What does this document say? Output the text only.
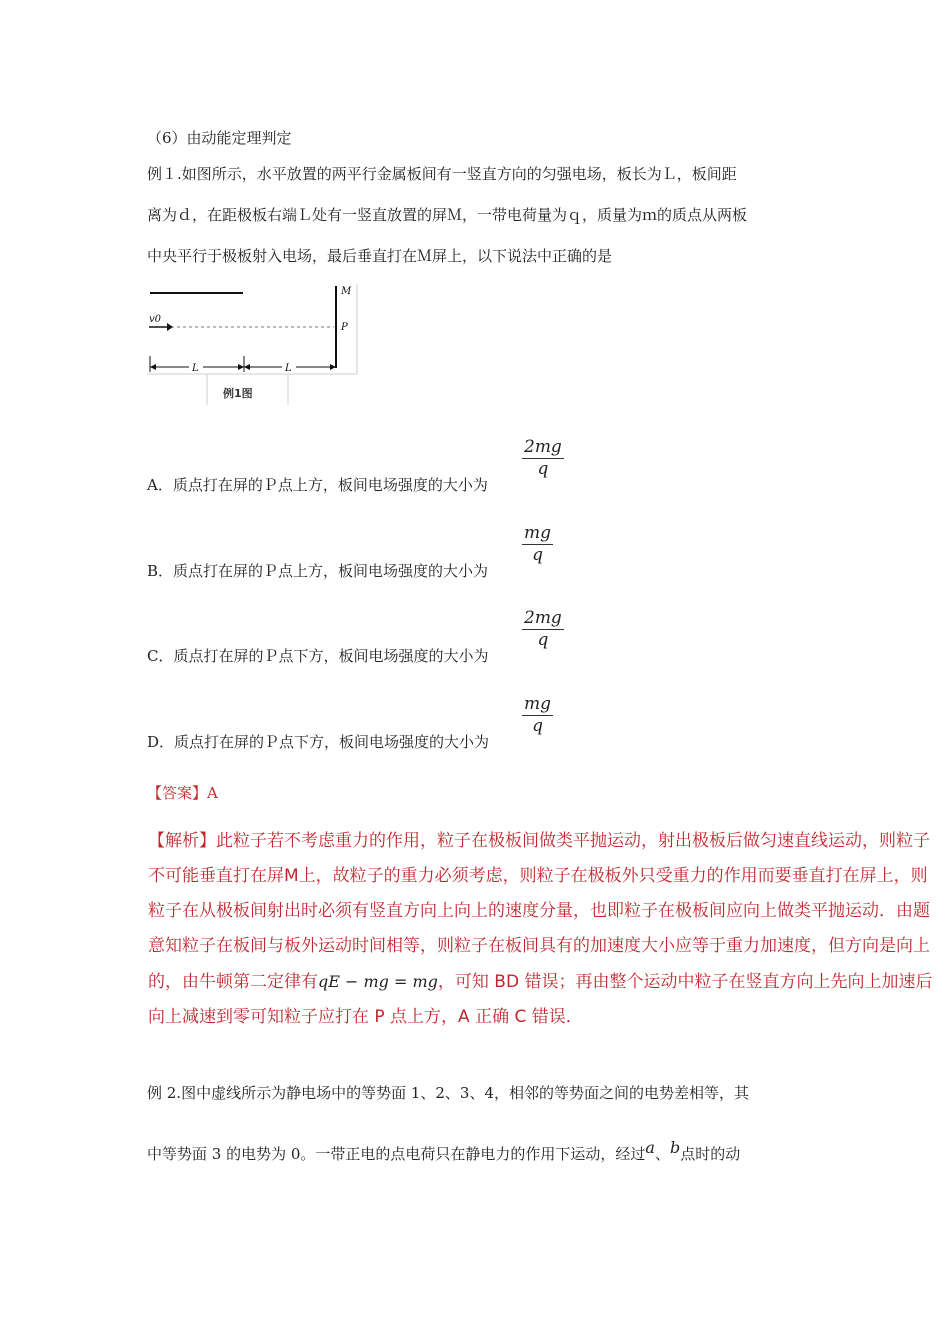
（6）由动能定理判定
例１.如图所示，水平放置的两平行金属板间有一竖直方向的匀强电场，板长为Ｌ，板间距
离为ｄ，在距极板右端Ｌ处有一竖直放置的屏Ｍ，一带电荷量为ｑ，质量为ｍ的质点从两板
中央平行于极板射入电场，最后垂直打在Ｍ屏上，以下说法中正确的是
M
P
v0
L	L
例1图
$\frac{2mg}{q}$
A．质点打在屏的Ｐ点上方，板间电场强度的大小为
$\frac{mg}{q}$
B．质点打在屏的Ｐ点上方，板间电场强度的大小为
$\frac{2mg}{q}$
C．质点打在屏的Ｐ点下方，板间电场强度的大小为
$\frac{mg}{q}$
D．质点打在屏的Ｐ点下方，板间电场强度的大小为
【答案】A
【解析】此粒子若不考虑重力的作用，粒子在极板间做类平抛运动，射出极板后做匀速直线运动，则粒子不可能垂直打在屏M上，故粒子的重力必须考虑，则粒子在极板外只受重力的作用而要垂直打在屏上，则粒子在从极板间射出时必须有竖直方向上向上的速度分量，也即粒子在极板间应向上做类平抛运动．由题意知粒子在板间与板外运动时间相等，则粒子在板间具有的加速度大小应等于重力加速度，但方向是向上的，由牛顿第二定律有qE − mg = mg，可知 BD 错误；再由整个运动中粒子在竖直方向上先向上加速后向上减速到零可知粒子应打在 P 点上方，A 正确 C 错误．
例 2.图中虚线所示为静电场中的等势面 1、2、3、4，相邻的等势面之间的电势差相等，其
中等势面 3 的电势为 0。一带正电的点电荷只在静电力的作用下运动，经过a、b点时的动
